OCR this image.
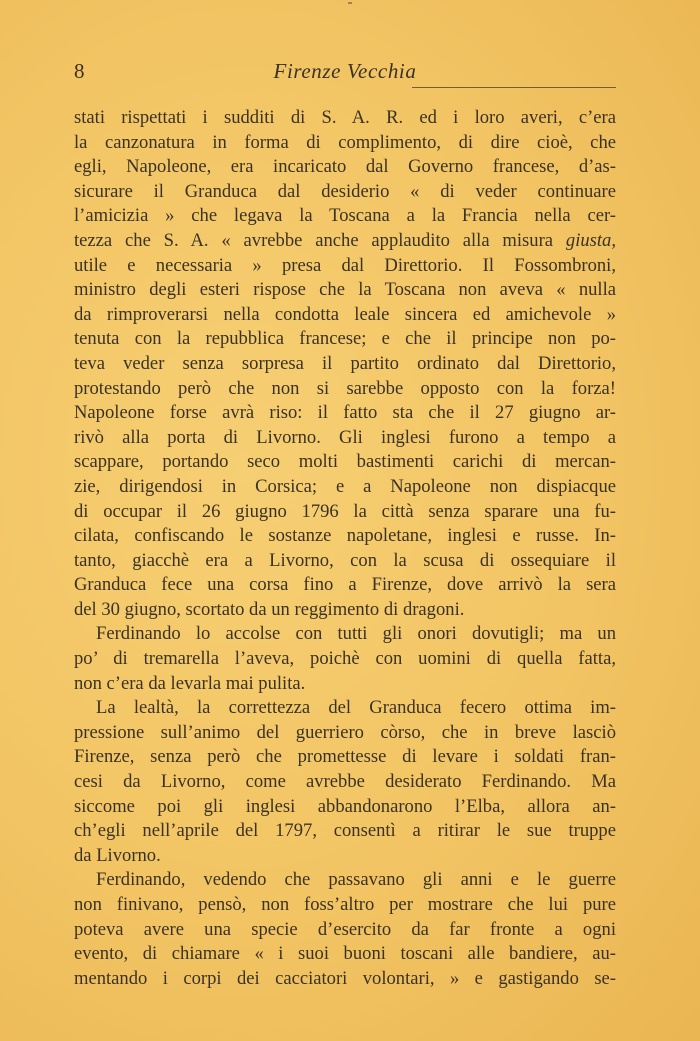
8	Firenze Vecchia
stati rispettati i sudditi di S. A. R. ed i loro averi, c’era
la canzonatura in forma di complimento, di dire cioè, che
egli, Napoleone, era incaricato dal Governo francese, d’as-
sicurare il Granduca dal desiderio « di veder continuare
l’amicizia » che legava la Toscana a la Francia nella cer-
tezza che S. A. « avrebbe anche applaudito alla misura giusta,
utile e necessaria » presa dal Direttorio. Il Fossombroni,
ministro degli esteri rispose che la Toscana non aveva « nulla
da rimproverarsi nella condotta leale sincera ed amichevole »
tenuta con la repubblica francese; e che il principe non po-
teva veder senza sorpresa il partito ordinato dal Direttorio,
protestando però che non si sarebbe opposto con la forza!
Napoleone forse avrà riso: il fatto sta che il 27 giugno ar-
rivò alla porta di Livorno. Gli inglesi furono a tempo a
scappare, portando seco molti bastimenti carichi di mercan-
zie, dirigendosi in Corsica; e a Napoleone non dispiacque
di occupar il 26 giugno 1796 la città senza sparare una fu-
cilata, confiscando le sostanze napoletane, inglesi e russe. In-
tanto, giacchè era a Livorno, con la scusa di ossequiare il
Granduca fece una corsa fino a Firenze, dove arrivò la sera
del 30 giugno, scortato da un reggimento di dragoni.
Ferdinando lo accolse con tutti gli onori dovutigli; ma un
po’ di tremarella l’aveva, poichè con uomini di quella fatta,
non c’era da levarla mai pulita.
La lealtà, la correttezza del Granduca fecero ottima im-
pressione sull’animo del guerriero còrso, che in breve lasciò
Firenze, senza però che promettesse di levare i soldati fran-
cesi da Livorno, come avrebbe desiderato Ferdinando. Ma
siccome poi gli inglesi abbandonarono l’Elba, allora an-
ch’egli nell’aprile del 1797, consentì a ritirar le sue truppe
da Livorno.
Ferdinando, vedendo che passavano gli anni e le guerre
non finivano, pensò, non foss’altro per mostrare che lui pure
poteva avere una specie d’esercito da far fronte a ogni
evento, di chiamare « i suoi buoni toscani alle bandiere, au-
mentando i corpi dei cacciatori volontari, » e gastigando se-
